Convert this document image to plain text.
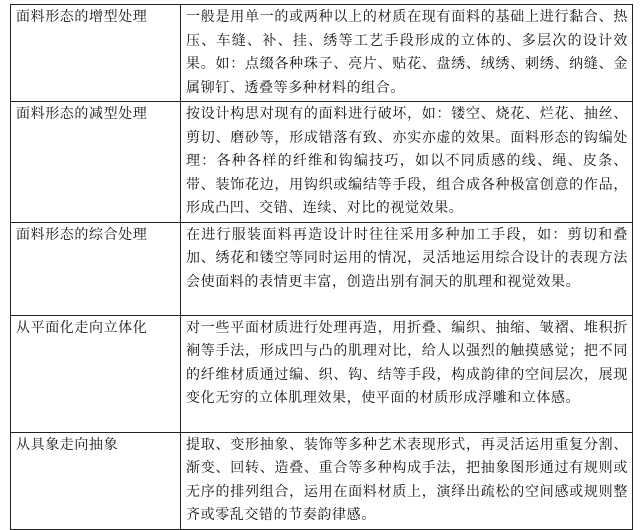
面料形态的增型处理	一般是用单一的或两种以上的材质在现有面料的基础上进行黏合、热压、车缝、补、挂、绣等工艺手段形成的立体的、多层次的设计效果。如：点缀各种珠子、亮片、贴花、盘绣、绒绣、刺绣、纳缝、金属铆钉、透叠等多种材料的组合。
面料形态的减型处理	按设计构思对现有的面料进行破坏，如：镂空、烧花、烂花、抽丝、剪切、磨砂等，形成错落有致、亦实亦虚的效果。面料形态的钩编处理：各种各样的纤维和钩编技巧，如以不同质感的线、绳、皮条、带、装饰花边，用钩织或编结等手段，组合成各种极富创意的作品，形成凸凹、交错、连续、对比的视觉效果。
面料形态的综合处理	在进行服装面料再造设计时往往采用多种加工手段，如：剪切和叠加、绣花和镂空等同时运用的情况，灵活地运用综合设计的表现方法会使面料的表情更丰富，创造出别有洞天的肌理和视觉效果。
从平面化走向立体化	对一些平面材质进行处理再造，用折叠、编织、抽缩、皱褶、堆积折裥等手法，形成凹与凸的肌理对比，给人以强烈的触摸感觉；把不同的纤维材质通过编、织、钩、结等手段，构成韵律的空间层次，展现变化无穷的立体肌理效果，使平面的材质形成浮雕和立体感。
从具象走向抽象	提取、变形抽象、装饰等多种艺术表现形式，再灵活运用重复分割、渐变、回转、造叠、重合等多种构成手法，把抽象图形通过有规则或无序的排列组合，运用在面料材质上，演绎出疏松的空间感或规则整齐或零乱交错的节奏韵律感。
